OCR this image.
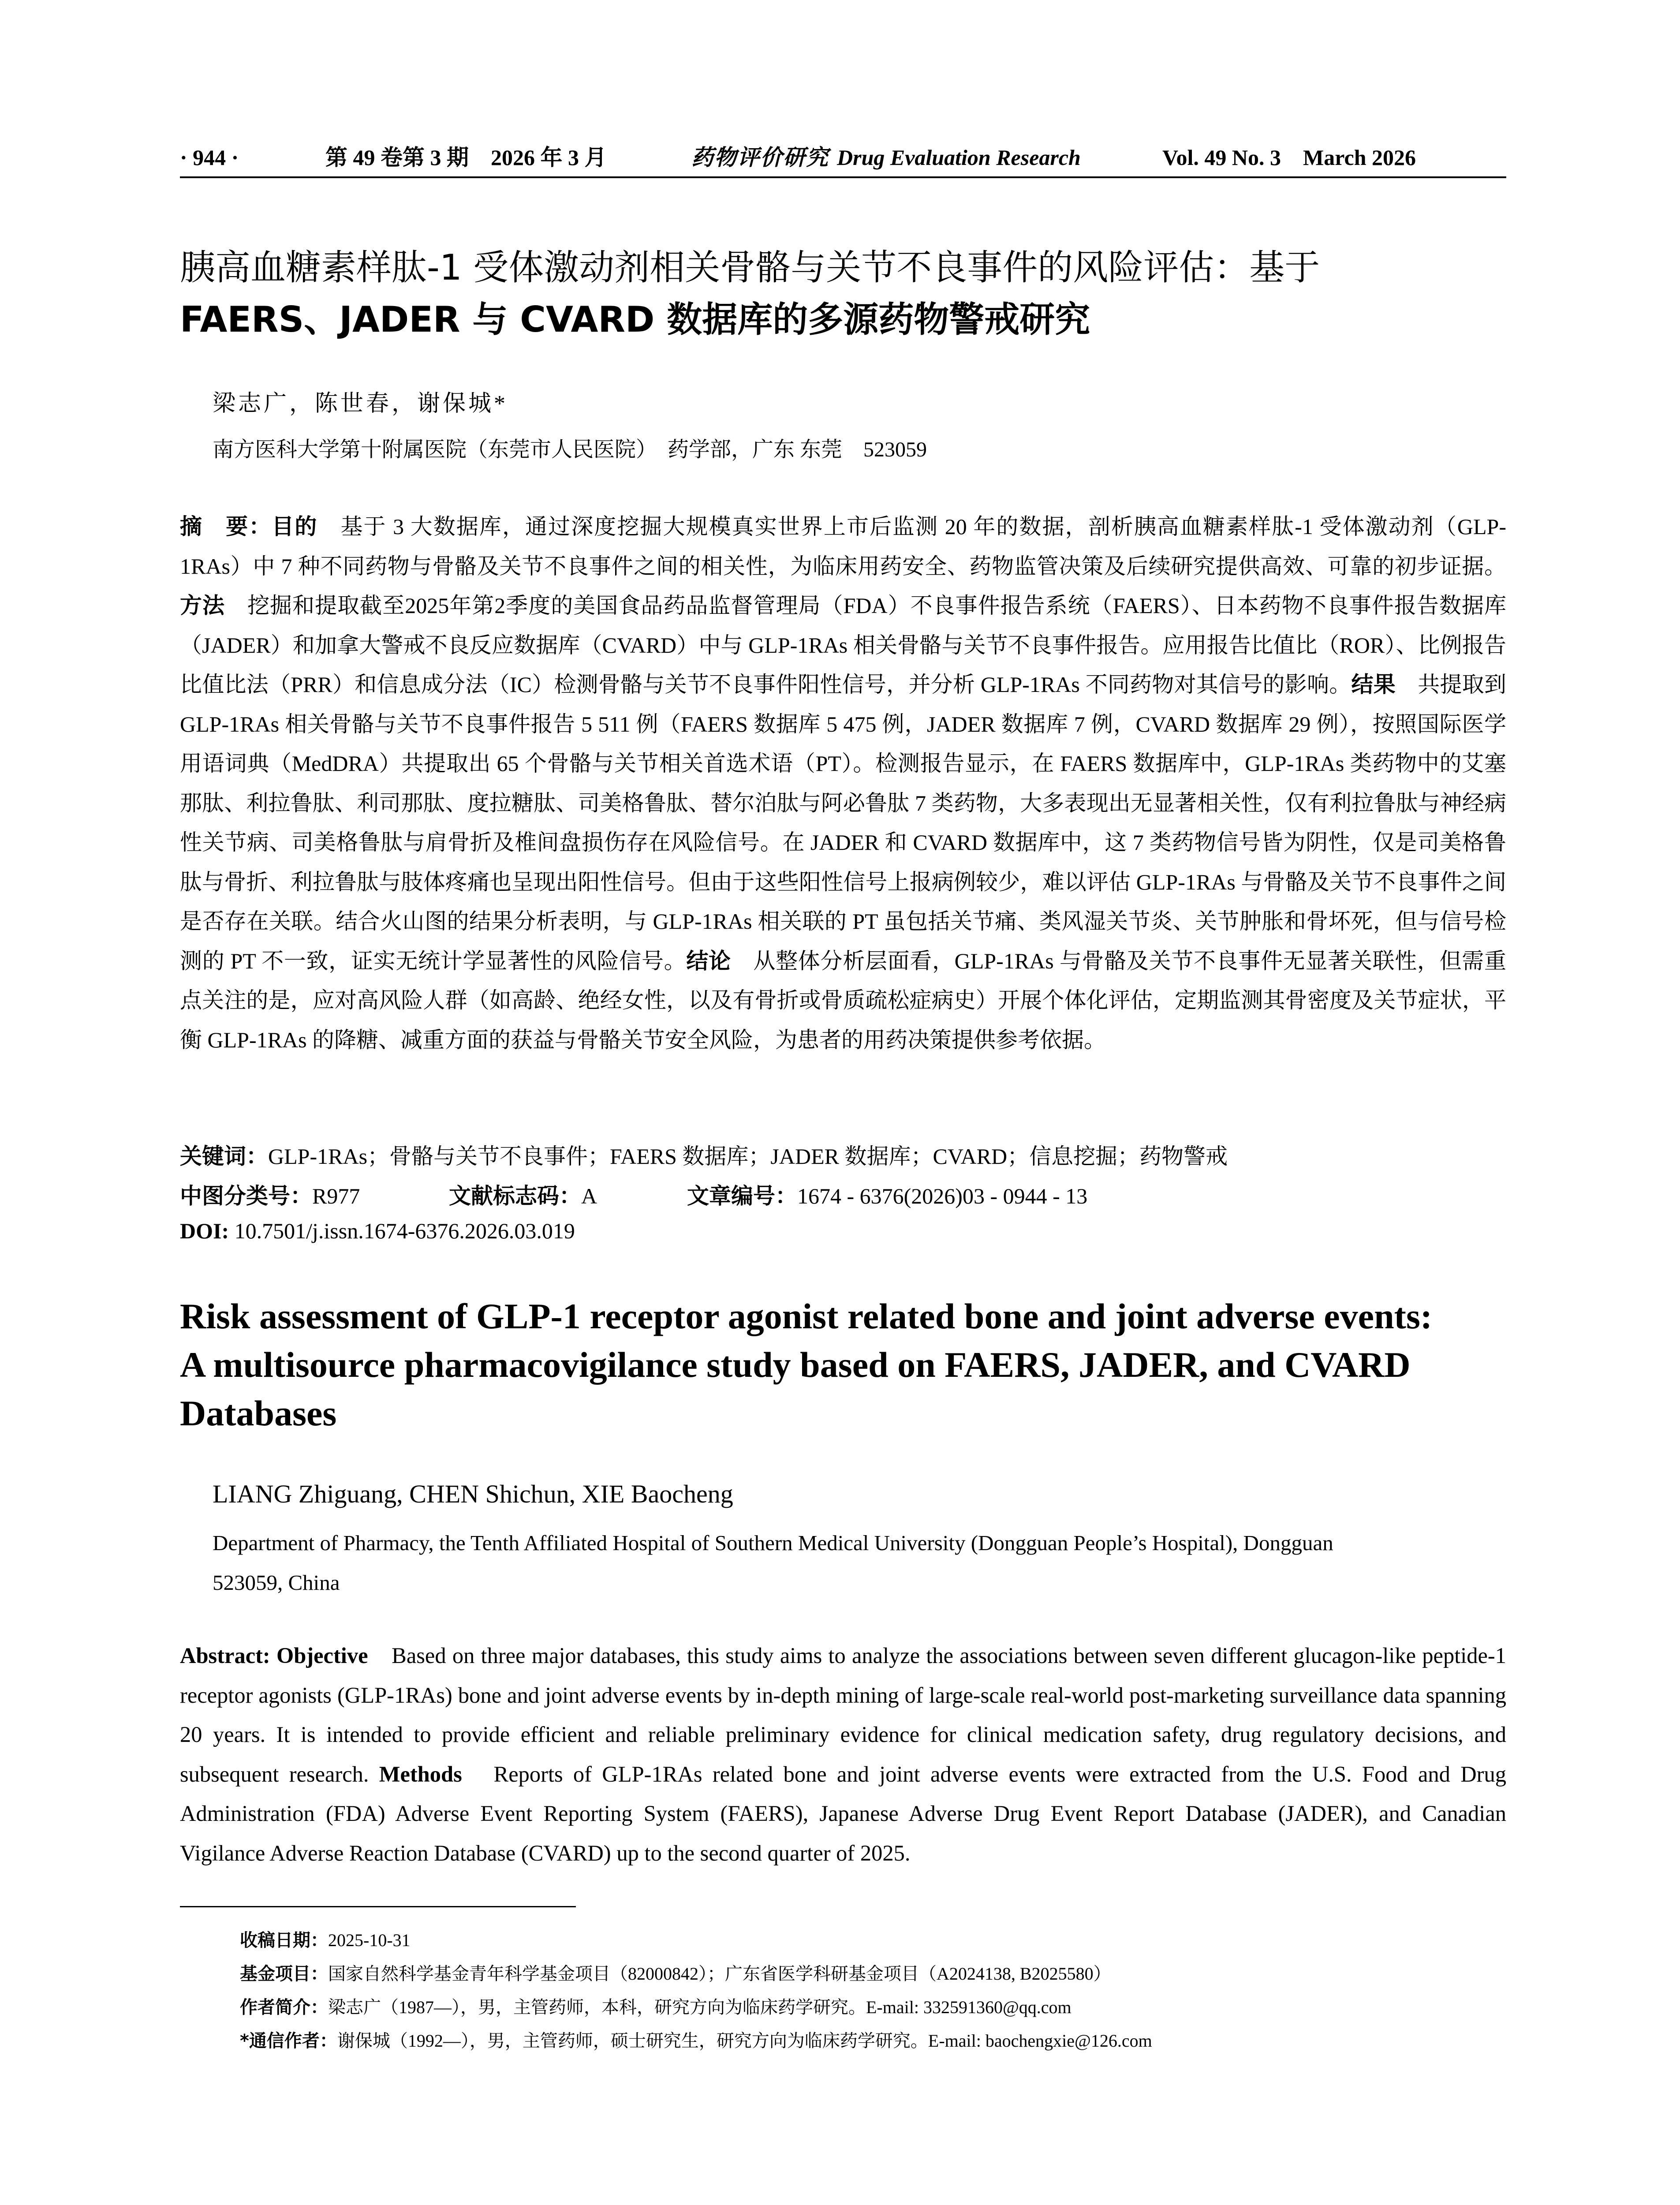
· 944 ·	第 49 卷第 3 期　2026 年 3 月	药物评价研究 Drug Evaluation Research	Vol. 49 No. 3　March 2026
胰高血糖素样肽-1 受体激动剂相关骨骼与关节不良事件的风险评估：基于
FAERS、JADER 与 CVARD 数据库的多源药物警戒研究
梁志广，陈世春，谢保城*
南方医科大学第十附属医院（东莞市人民医院）　药学部，广东 东莞　523059

摘　要：目的　基于 3 大数据库，通过深度挖掘大规模真实世界上市后监测 20 年的数据，剖析胰高血糖素样肽-1 受体激动剂（GLP-1RAs）中 7 种不同药物与骨骼及关节不良事件之间的相关性，为临床用药安全、药物监管决策及后续研究提供高效、可靠的初步证据。方法　挖掘和提取截至2025年第2季度的美国食品药品监督管理局（FDA）不良事件报告系统（FAERS）、日本药物不良事件报告数据库（JADER）和加拿大警戒不良反应数据库（CVARD）中与 GLP-1RAs 相关骨骼与关节不良事件报告。应用报告比值比（ROR）、比例报告比值比法（PRR）和信息成分法（IC）检测骨骼与关节不良事件阳性信号，并分析 GLP-1RAs 不同药物对其信号的影响。结果　共提取到 GLP-1RAs 相关骨骼与关节不良事件报告 5 511 例（FAERS 数据库 5 475 例，JADER 数据库 7 例，CVARD 数据库 29 例），按照国际医学用语词典（MedDRA）共提取出 65 个骨骼与关节相关首选术语（PT）。检测报告显示，在 FAERS 数据库中，GLP-1RAs 类药物中的艾塞那肽、利拉鲁肽、利司那肽、度拉糖肽、司美格鲁肽、替尔泊肽与阿必鲁肽 7 类药物，大多表现出无显著相关性，仅有利拉鲁肽与神经病性关节病、司美格鲁肽与肩骨折及椎间盘损伤存在风险信号。在 JADER 和 CVARD 数据库中，这 7 类药物信号皆为阴性，仅是司美格鲁肽与骨折、利拉鲁肽与肢体疼痛也呈现出阳性信号。但由于这些阳性信号上报病例较少，难以评估 GLP-1RAs 与骨骼及关节不良事件之间是否存在关联。结合火山图的结果分析表明，与 GLP-1RAs 相关联的 PT 虽包括关节痛、类风湿关节炎、关节肿胀和骨坏死，但与信号检测的 PT 不一致，证实无统计学显著性的风险信号。结论　从整体分析层面看，GLP-1RAs 与骨骼及关节不良事件无显著关联性，但需重点关注的是，应对高风险人群（如高龄、绝经女性，以及有骨折或骨质疏松症病史）开展个体化评估，定期监测其骨密度及关节症状，平衡 GLP-1RAs 的降糖、减重方面的获益与骨骼关节安全风险，为患者的用药决策提供参考依据。

关键词：GLP-1RAs；骨骼与关节不良事件；FAERS 数据库；JADER 数据库；CVARD；信息挖掘；药物警戒
中图分类号：R977	文献标志码：A	文章编号：1674 - 6376(2026)03 - 0944 - 13
DOI: 10.7501/j.issn.1674-6376.2026.03.019
Risk assessment of GLP-1 receptor agonist related bone and joint adverse events:
A multisource pharmacovigilance study based on FAERS, JADER, and CVARD
Databases
LIANG Zhiguang, CHEN Shichun, XIE Baocheng
Department of Pharmacy, the Tenth Affiliated Hospital of Southern Medical University (Dongguan People’s Hospital), Dongguan
523059, China

Abstract: Objective　Based on three major databases, this study aims to analyze the associations between seven different glucagon-like peptide-1 receptor agonists (GLP-1RAs) bone and joint adverse events by in-depth mining of large-scale real-world post-marketing surveillance data spanning 20 years. It is intended to provide efficient and reliable preliminary evidence for clinical medication safety, drug regulatory decisions, and subsequent research. Methods　Reports of GLP-1RAs related bone and joint adverse events were extracted from the U.S. Food and Drug Administration (FDA) Adverse Event Reporting System (FAERS), Japanese Adverse Drug Event Report Database (JADER), and Canadian Vigilance Adverse Reaction Database (CVARD) up to the second quarter of 2025.

收稿日期：2025-10-31
基金项目：国家自然科学基金青年科学基金项目（82000842）；广东省医学科研基金项目（A2024138, B2025580）
作者简介：梁志广（1987—），男，主管药师，本科，研究方向为临床药学研究。E-mail: 332591360@qq.com
*通信作者：谢保城（1992—），男，主管药师，硕士研究生，研究方向为临床药学研究。E-mail: baochengxie@126.com
